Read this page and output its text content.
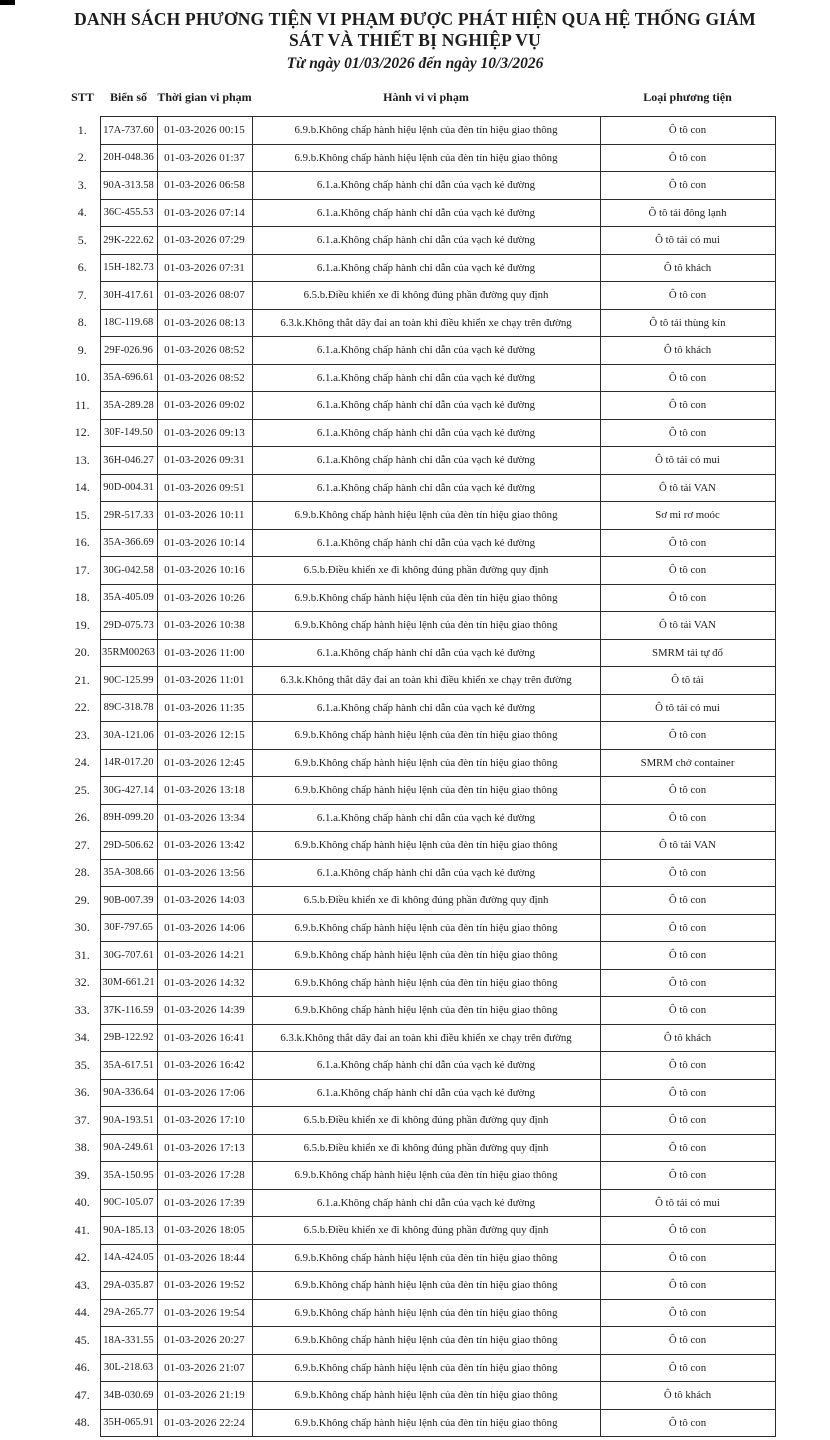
DANH SÁCH PHƯƠNG TIỆN VI PHẠM ĐƯỢC PHÁT HIỆN QUA HỆ THỐNG GIÁM
SÁT VÀ THIẾT BỊ NGHIỆP VỤ
Từ ngày 01/03/2026 đến ngày 10/3/2026
STT	Biển số	Thời gian vi phạm	Hành vi vi phạm	Loại phương tiện
1.	17A-737.60	01-03-2026 00:15	6.9.b.Không chấp hành hiệu lệnh của đèn tín hiệu giao thông	Ô tô con
2.	20H-048.36	01-03-2026 01:37	6.9.b.Không chấp hành hiệu lệnh của đèn tín hiệu giao thông	Ô tô con
3.	90A-313.58	01-03-2026 06:58	6.1.a.Không chấp hành chỉ dẫn của vạch kẻ đường	Ô tô con
4.	36C-455.53	01-03-2026 07:14	6.1.a.Không chấp hành chỉ dẫn của vạch kẻ đường	Ô tô tải đông lạnh
5.	29K-222.62	01-03-2026 07:29	6.1.a.Không chấp hành chỉ dẫn của vạch kẻ đường	Ô tô tải có mui
6.	15H-182.73	01-03-2026 07:31	6.1.a.Không chấp hành chỉ dẫn của vạch kẻ đường	Ô tô khách
7.	30H-417.61	01-03-2026 08:07	6.5.b.Điều khiển xe đi không đúng phần đường quy định	Ô tô con
8.	18C-119.68	01-03-2026 08:13	6.3.k.Không thắt dây đai an toàn khi điều khiển xe chạy trên đường	Ô tô tải thùng kín
9.	29F-026.96	01-03-2026 08:52	6.1.a.Không chấp hành chỉ dẫn của vạch kẻ đường	Ô tô khách
10.	35A-696.61	01-03-2026 08:52	6.1.a.Không chấp hành chỉ dẫn của vạch kẻ đường	Ô tô con
11.	35A-289.28	01-03-2026 09:02	6.1.a.Không chấp hành chỉ dẫn của vạch kẻ đường	Ô tô con
12.	30F-149.50	01-03-2026 09:13	6.1.a.Không chấp hành chỉ dẫn của vạch kẻ đường	Ô tô con
13.	36H-046.27	01-03-2026 09:31	6.1.a.Không chấp hành chỉ dẫn của vạch kẻ đường	Ô tô tải có mui
14.	90D-004.31	01-03-2026 09:51	6.1.a.Không chấp hành chỉ dẫn của vạch kẻ đường	Ô tô tải VAN
15.	29R-517.33	01-03-2026 10:11	6.9.b.Không chấp hành hiệu lệnh của đèn tín hiệu giao thông	Sơ mi rơ moóc
16.	35A-366.69	01-03-2026 10:14	6.1.a.Không chấp hành chỉ dẫn của vạch kẻ đường	Ô tô con
17.	30G-042.58	01-03-2026 10:16	6.5.b.Điều khiển xe đi không đúng phần đường quy định	Ô tô con
18.	35A-405.09	01-03-2026 10:26	6.9.b.Không chấp hành hiệu lệnh của đèn tín hiệu giao thông	Ô tô con
19.	29D-075.73	01-03-2026 10:38	6.9.b.Không chấp hành hiệu lệnh của đèn tín hiệu giao thông	Ô tô tải VAN
20.	35RM00263	01-03-2026 11:00	6.1.a.Không chấp hành chỉ dẫn của vạch kẻ đường	SMRM tải tự đổ
21.	90C-125.99	01-03-2026 11:01	6.3.k.Không thắt dây đai an toàn khi điều khiển xe chạy trên đường	Ô tô tải
22.	89C-318.78	01-03-2026 11:35	6.1.a.Không chấp hành chỉ dẫn của vạch kẻ đường	Ô tô tải có mui
23.	30A-121.06	01-03-2026 12:15	6.9.b.Không chấp hành hiệu lệnh của đèn tín hiệu giao thông	Ô tô con
24.	14R-017.20	01-03-2026 12:45	6.9.b.Không chấp hành hiệu lệnh của đèn tín hiệu giao thông	SMRM chở container
25.	30G-427.14	01-03-2026 13:18	6.9.b.Không chấp hành hiệu lệnh của đèn tín hiệu giao thông	Ô tô con
26.	89H-099.20	01-03-2026 13:34	6.1.a.Không chấp hành chỉ dẫn của vạch kẻ đường	Ô tô con
27.	29D-506.62	01-03-2026 13:42	6.9.b.Không chấp hành hiệu lệnh của đèn tín hiệu giao thông	Ô tô tải VAN
28.	35A-308.66	01-03-2026 13:56	6.1.a.Không chấp hành chỉ dẫn của vạch kẻ đường	Ô tô con
29.	90B-007.39	01-03-2026 14:03	6.5.b.Điều khiển xe đi không đúng phần đường quy định	Ô tô con
30.	30F-797.65	01-03-2026 14:06	6.9.b.Không chấp hành hiệu lệnh của đèn tín hiệu giao thông	Ô tô con
31.	30G-707.61	01-03-2026 14:21	6.9.b.Không chấp hành hiệu lệnh của đèn tín hiệu giao thông	Ô tô con
32.	30M-661.21	01-03-2026 14:32	6.9.b.Không chấp hành hiệu lệnh của đèn tín hiệu giao thông	Ô tô con
33.	37K-116.59	01-03-2026 14:39	6.9.b.Không chấp hành hiệu lệnh của đèn tín hiệu giao thông	Ô tô con
34.	29B-122.92	01-03-2026 16:41	6.3.k.Không thắt dây đai an toàn khi điều khiển xe chạy trên đường	Ô tô khách
35.	35A-617.51	01-03-2026 16:42	6.1.a.Không chấp hành chỉ dẫn của vạch kẻ đường	Ô tô con
36.	90A-336.64	01-03-2026 17:06	6.1.a.Không chấp hành chỉ dẫn của vạch kẻ đường	Ô tô con
37.	90A-193.51	01-03-2026 17:10	6.5.b.Điều khiển xe đi không đúng phần đường quy định	Ô tô con
38.	90A-249.61	01-03-2026 17:13	6.5.b.Điều khiển xe đi không đúng phần đường quy định	Ô tô con
39.	35A-150.95	01-03-2026 17:28	6.9.b.Không chấp hành hiệu lệnh của đèn tín hiệu giao thông	Ô tô con
40.	90C-105.07	01-03-2026 17:39	6.1.a.Không chấp hành chỉ dẫn của vạch kẻ đường	Ô tô tải có mui
41.	90A-185.13	01-03-2026 18:05	6.5.b.Điều khiển xe đi không đúng phần đường quy định	Ô tô con
42.	14A-424.05	01-03-2026 18:44	6.9.b.Không chấp hành hiệu lệnh của đèn tín hiệu giao thông	Ô tô con
43.	29A-035.87	01-03-2026 19:52	6.9.b.Không chấp hành hiệu lệnh của đèn tín hiệu giao thông	Ô tô con
44.	29A-265.77	01-03-2026 19:54	6.9.b.Không chấp hành hiệu lệnh của đèn tín hiệu giao thông	Ô tô con
45.	18A-331.55	01-03-2026 20:27	6.9.b.Không chấp hành hiệu lệnh của đèn tín hiệu giao thông	Ô tô con
46.	30L-218.63	01-03-2026 21:07	6.9.b.Không chấp hành hiệu lệnh của đèn tín hiệu giao thông	Ô tô con
47.	34B-030.69	01-03-2026 21:19	6.9.b.Không chấp hành hiệu lệnh của đèn tín hiệu giao thông	Ô tô khách
48.	35H-065.91	01-03-2026 22:24	6.9.b.Không chấp hành hiệu lệnh của đèn tín hiệu giao thông	Ô tô con
